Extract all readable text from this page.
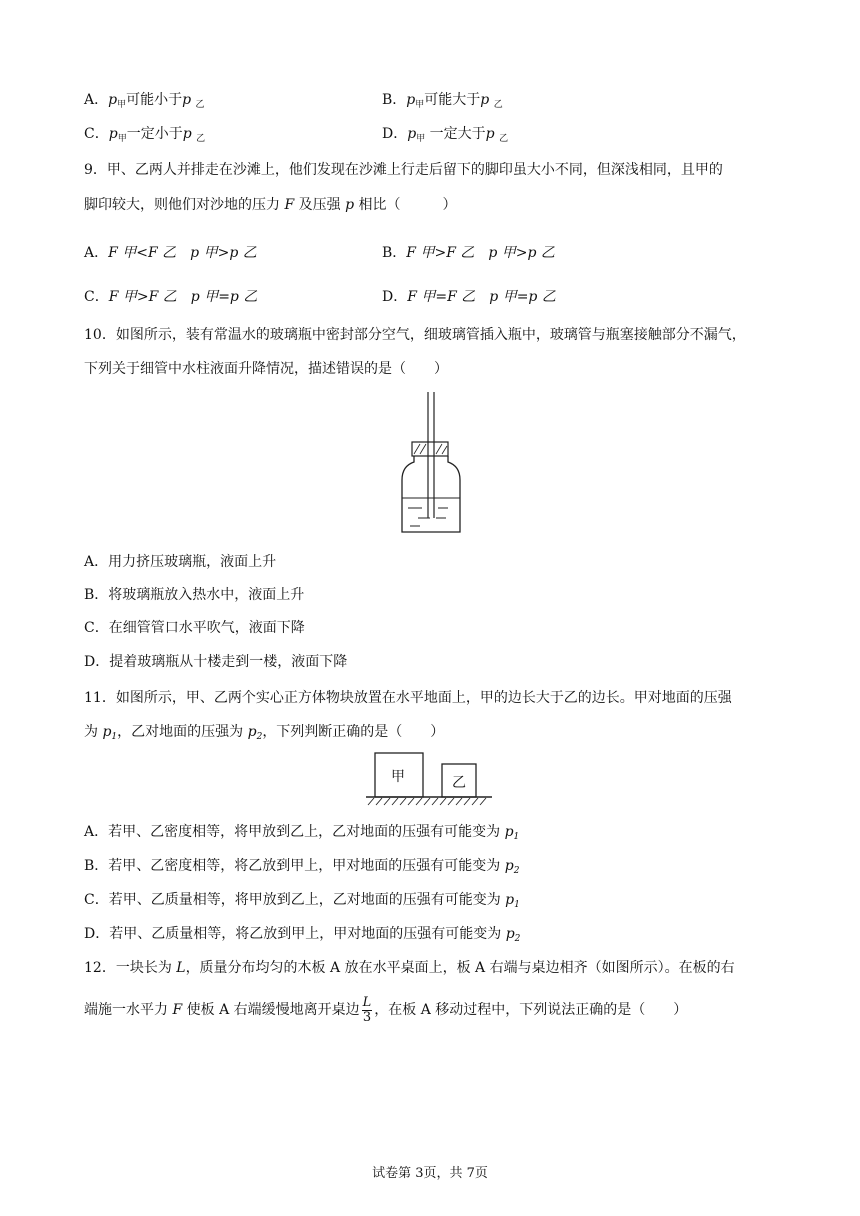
A．$p_甲$可能小于p $_乙$	B．$p_甲$可能大于p $_乙$
C．$p_甲$一定小于p $_乙$	D．$p_甲$ 一定大于p $_乙$
9．甲、乙两人并排走在沙滩上，他们发现在沙滩上行走后留下的脚印虽大小不同，但深浅相同，且甲的
脚印较大，则他们对沙地的压力 F 及压强 p 相比（　　　）
A．F 甲<F 乙　p 甲>p 乙	B．F 甲>F 乙　p 甲>p 乙
C．F 甲>F 乙　p 甲=p 乙	D．F 甲=F 乙　p 甲=p 乙
10．如图所示，装有常温水的玻璃瓶中密封部分空气，细玻璃管插入瓶中，玻璃管与瓶塞接触部分不漏气，
下列关于细管中水柱液面升降情况，描述错误的是（　　）
A．用力挤压玻璃瓶，液面上升
B．将玻璃瓶放入热水中，液面上升
C．在细管管口水平吹气，液面下降
D．提着玻璃瓶从十楼走到一楼，液面下降
11．如图所示，甲、乙两个实心正方体物块放置在水平地面上，甲的边长大于乙的边长。甲对地面的压强
为 $p_1$，乙对地面的压强为 $p_2$，下列判断正确的是（　　）
甲	乙
A．若甲、乙密度相等，将甲放到乙上，乙对地面的压强有可能变为 $p_1$
B．若甲、乙密度相等，将乙放到甲上，甲对地面的压强有可能变为 $p_2$
C．若甲、乙质量相等，将甲放到乙上，乙对地面的压强有可能变为 $p_1$
D．若甲、乙质量相等，将乙放到甲上，甲对地面的压强有可能变为 $p_2$
12．一块长为 L，质量分布均匀的木板 A 放在水平桌面上，板 A 右端与桌边相齐（如图所示）。在板的右
端施一水平力 F 使板 A 右端缓慢地离开桌边 $\frac{L}{3}$ ，在板 A 移动过程中，下列说法正确的是（　　）
试卷第 3页，共 7页
